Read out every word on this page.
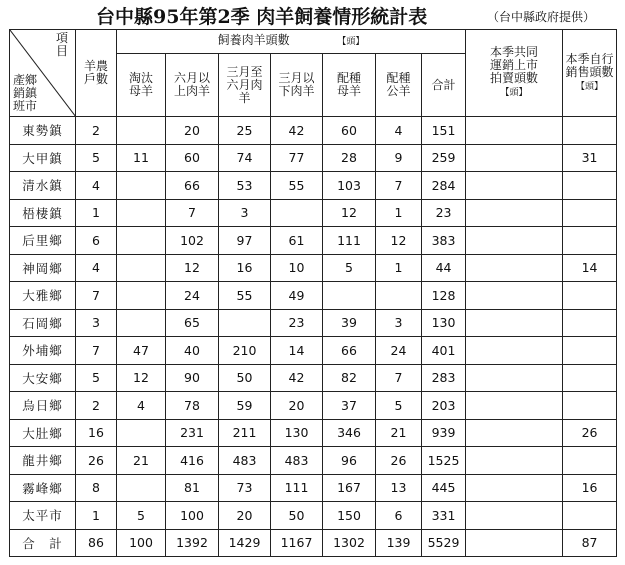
台中縣95年第2季 肉羊飼養情形統計表	（台中縣政府提供）
項目
產鄉銷鎮班市	羊農戶數	飼養肉羊頭數 【頭】							本季共同運銷上市拍賣頭數
【頭】	本季自行銷售頭數
【頭】
		淘汰母羊	六月以上肉羊	三月至六月肉羊	三月以下肉羊	配種母羊	配種公羊	合計		
東勢鎮	2		20	25	42	60	4	151		
大甲鎮	5	11	60	74	77	28	9	259		31
清水鎮	4		66	53	55	103	7	284		
梧棲鎮	1		7	3		12	1	23		
后里鄉	6		102	97	61	111	12	383		
神岡鄉	4		12	16	10	5	1	44		14
大雅鄉	7		24	55	49			128		
石岡鄉	3		65		23	39	3	130		
外埔鄉	7	47	40	210	14	66	24	401		
大安鄉	5	12	90	50	42	82	7	283		
烏日鄉	2	4	78	59	20	37	5	203		
大肚鄉	16		231	211	130	346	21	939		26
龍井鄉	26	21	416	483	483	96	26	1525		
霧峰鄉	8		81	73	111	167	13	445		16
太平市	1	5	100	20	50	150	6	331		
合　計	86	100	1392	1429	1167	1302	139	5529		87
